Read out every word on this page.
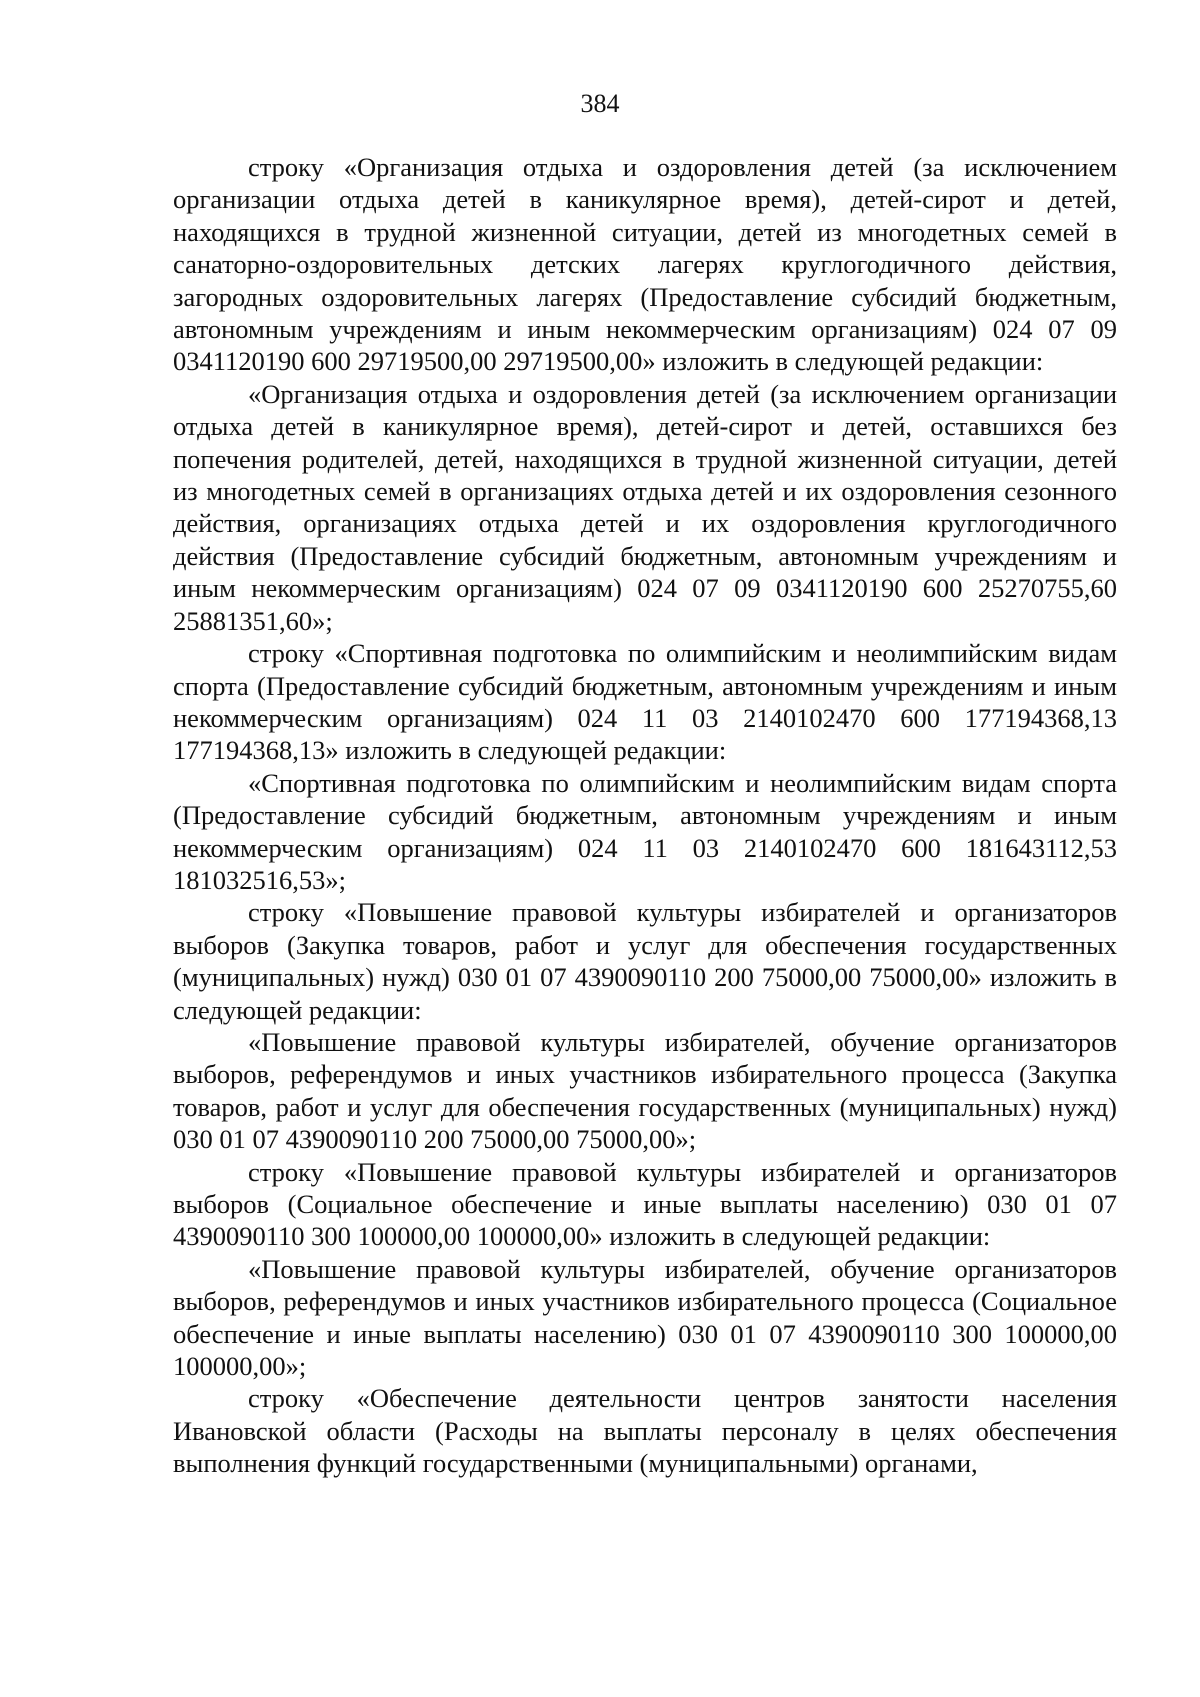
384

строку «Организация отдыха и оздоровления детей (за исключением организации отдыха детей в каникулярное время), детей-сирот и детей, находящихся в трудной жизненной ситуации, детей из многодетных семей в санаторно-оздоровительных детских лагерях круглогодичного действия, загородных оздоровительных лагерях (Предоставление субсидий бюджетным, автономным учреждениям и иным некоммерческим организациям) 024 07 09 0341120190 600 29719500,00 29719500,00» изложить в следующей редакции:

«Организация отдыха и оздоровления детей (за исключением организации отдыха детей в каникулярное время), детей-сирот и детей, оставшихся без попечения родителей, детей, находящихся в трудной жизненной ситуации, детей из многодетных семей в организациях отдыха детей и их оздоровления сезонного действия, организациях отдыха детей и их оздоровления круглогодичного действия (Предоставление субсидий бюджетным, автономным учреждениям и иным некоммерческим организациям) 024 07 09 0341120190 600 25270755,60 25881351,60»;

строку «Спортивная подготовка по олимпийским и неолимпийским видам спорта (Предоставление субсидий бюджетным, автономным учреждениям и иным некоммерческим организациям) 024 11 03 2140102470 600 177194368,13 177194368,13» изложить в следующей редакции:

«Спортивная подготовка по олимпийским и неолимпийским видам спорта (Предоставление субсидий бюджетным, автономным учреждениям и иным некоммерческим организациям) 024 11 03 2140102470 600 181643112,53 181032516,53»;

строку «Повышение правовой культуры избирателей и организаторов выборов (Закупка товаров, работ и услуг для обеспечения государственных (муниципальных) нужд) 030 01 07 4390090110 200 75000,00 75000,00» изложить в следующей редакции:

«Повышение правовой культуры избирателей, обучение организаторов выборов, референдумов и иных участников избирательного процесса (Закупка товаров, работ и услуг для обеспечения государственных (муниципальных) нужд) 030 01 07 4390090110 200 75000,00 75000,00»;

строку «Повышение правовой культуры избирателей и организаторов выборов (Социальное обеспечение и иные выплаты населению) 030 01 07 4390090110 300 100000,00 100000,00» изложить в следующей редакции:

«Повышение правовой культуры избирателей, обучение организаторов выборов, референдумов и иных участников избирательного процесса (Социальное обеспечение и иные выплаты населению) 030 01 07 4390090110 300 100000,00 100000,00»;

строку «Обеспечение деятельности центров занятости населения Ивановской области (Расходы на выплаты персоналу в целях обеспечения выполнения функций государственными (муниципальными) органами,
